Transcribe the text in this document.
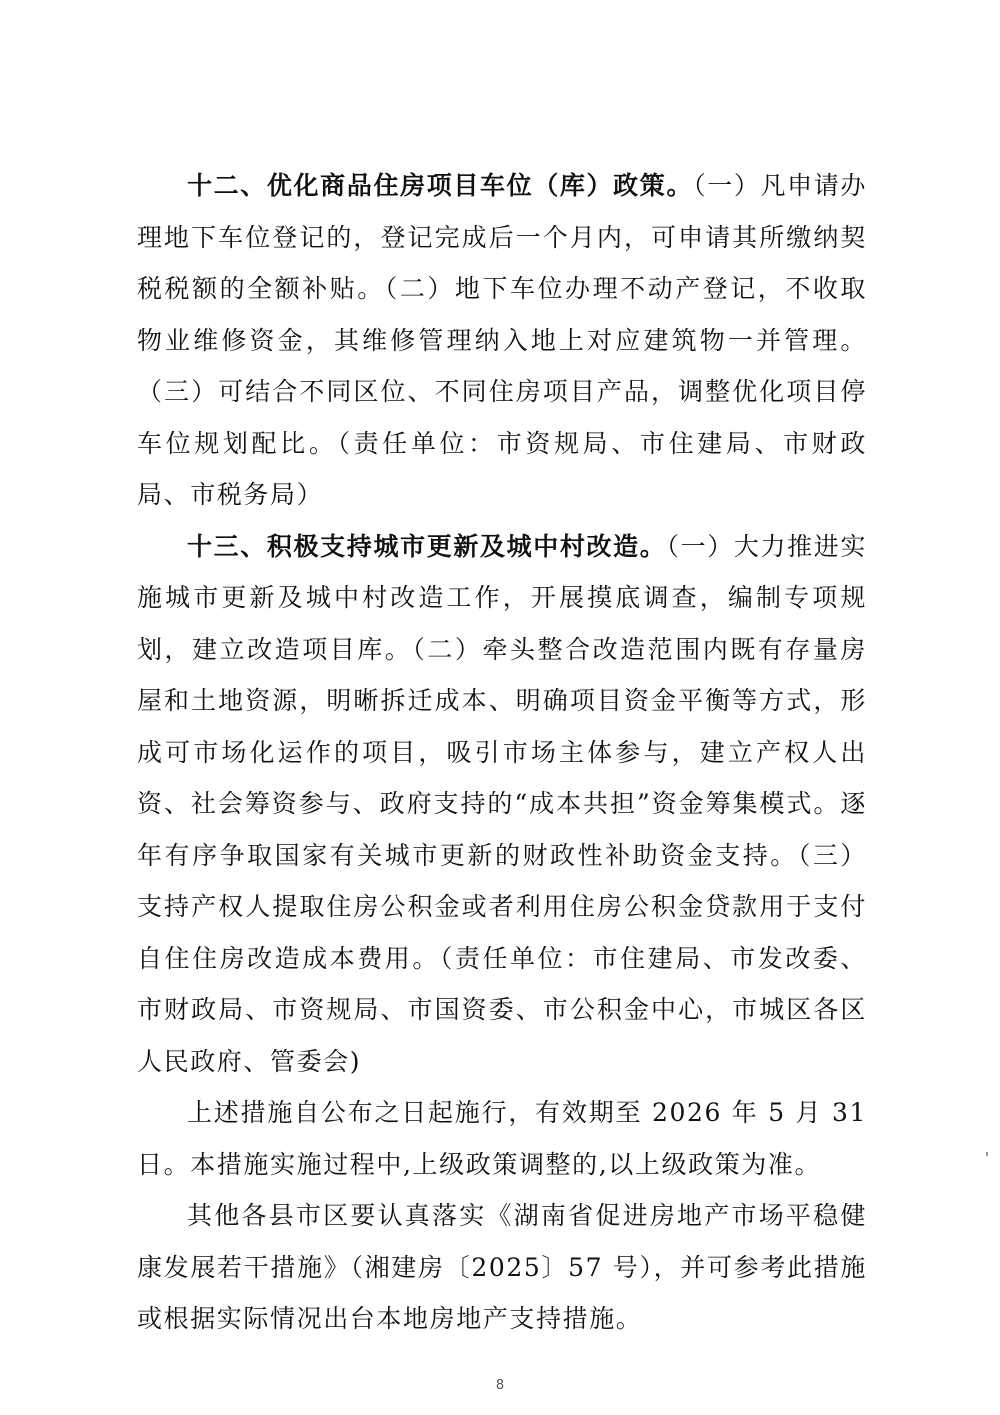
十二、优化商品住房项目车位（库）政策。（一）凡申请办理地下车位登记的，登记完成后一个月内，可申请其所缴纳契税税额的全额补贴。（二）地下车位办理不动产登记，不收取物业维修资金，其维修管理纳入地上对应建筑物一并管理。（三）可结合不同区位、不同住房项目产品，调整优化项目停车位规划配比。（责任单位：市资规局、市住建局、市财政局、市税务局）

十三、积极支持城市更新及城中村改造。（一）大力推进实施城市更新及城中村改造工作，开展摸底调查，编制专项规划，建立改造项目库。（二）牵头整合改造范围内既有存量房屋和土地资源，明晰拆迁成本、明确项目资金平衡等方式，形成可市场化运作的项目，吸引市场主体参与，建立产权人出资、社会筹资参与、政府支持的“成本共担”资金筹集模式。逐年有序争取国家有关城市更新的财政性补助资金支持。（三）支持产权人提取住房公积金或者利用住房公积金贷款用于支付自住住房改造成本费用。（责任单位：市住建局、市发改委、市财政局、市资规局、市国资委、市公积金中心，市城区各区人民政府、管委会)

上述措施自公布之日起施行，有效期至 2026 年 5 月 31 日。本措施实施过程中,上级政策调整的,以上级政策为准。

其他各县市区要认真落实《湖南省促进房地产市场平稳健康发展若干措施》（湘建房〔2025〕57 号），并可参考此措施或根据实际情况出台本地房地产支持措施。

8
